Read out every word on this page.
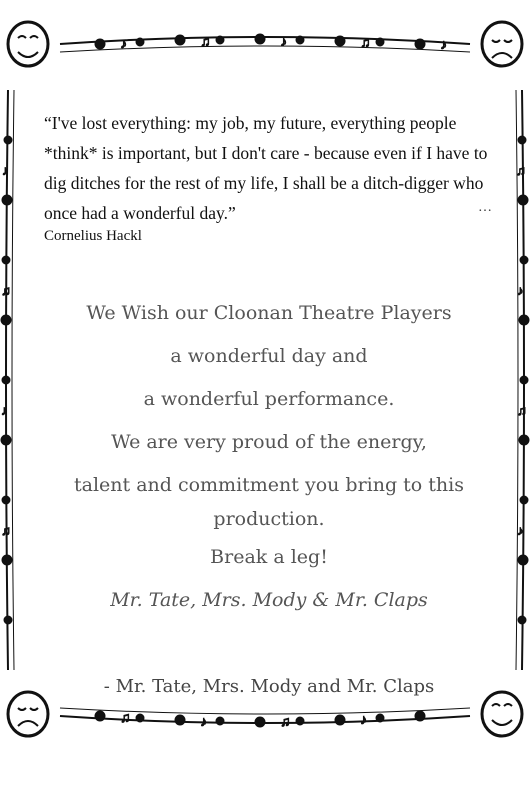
♪	♫	♪	♫	♪
♫	♪	♫	♪
♪
♫
♪
♫
♫
♪
♫
♪
“I've lost everything: my job, my future, everything people *think* is important, but I don't care - because even if I have to dig ditches for the rest of my life, I shall be a ditch-digger who once had a wonderful day.”	…
Cornelius Hackl
We Wish our Cloonan Theatre Players
a wonderful day and
a wonderful performance.
We are very proud of the energy,
talent and commitment you bring to this production.
Break a leg!
Mr. Tate, Mrs. Mody & Mr. Claps
- Mr. Tate, Mrs. Mody and Mr. Claps
